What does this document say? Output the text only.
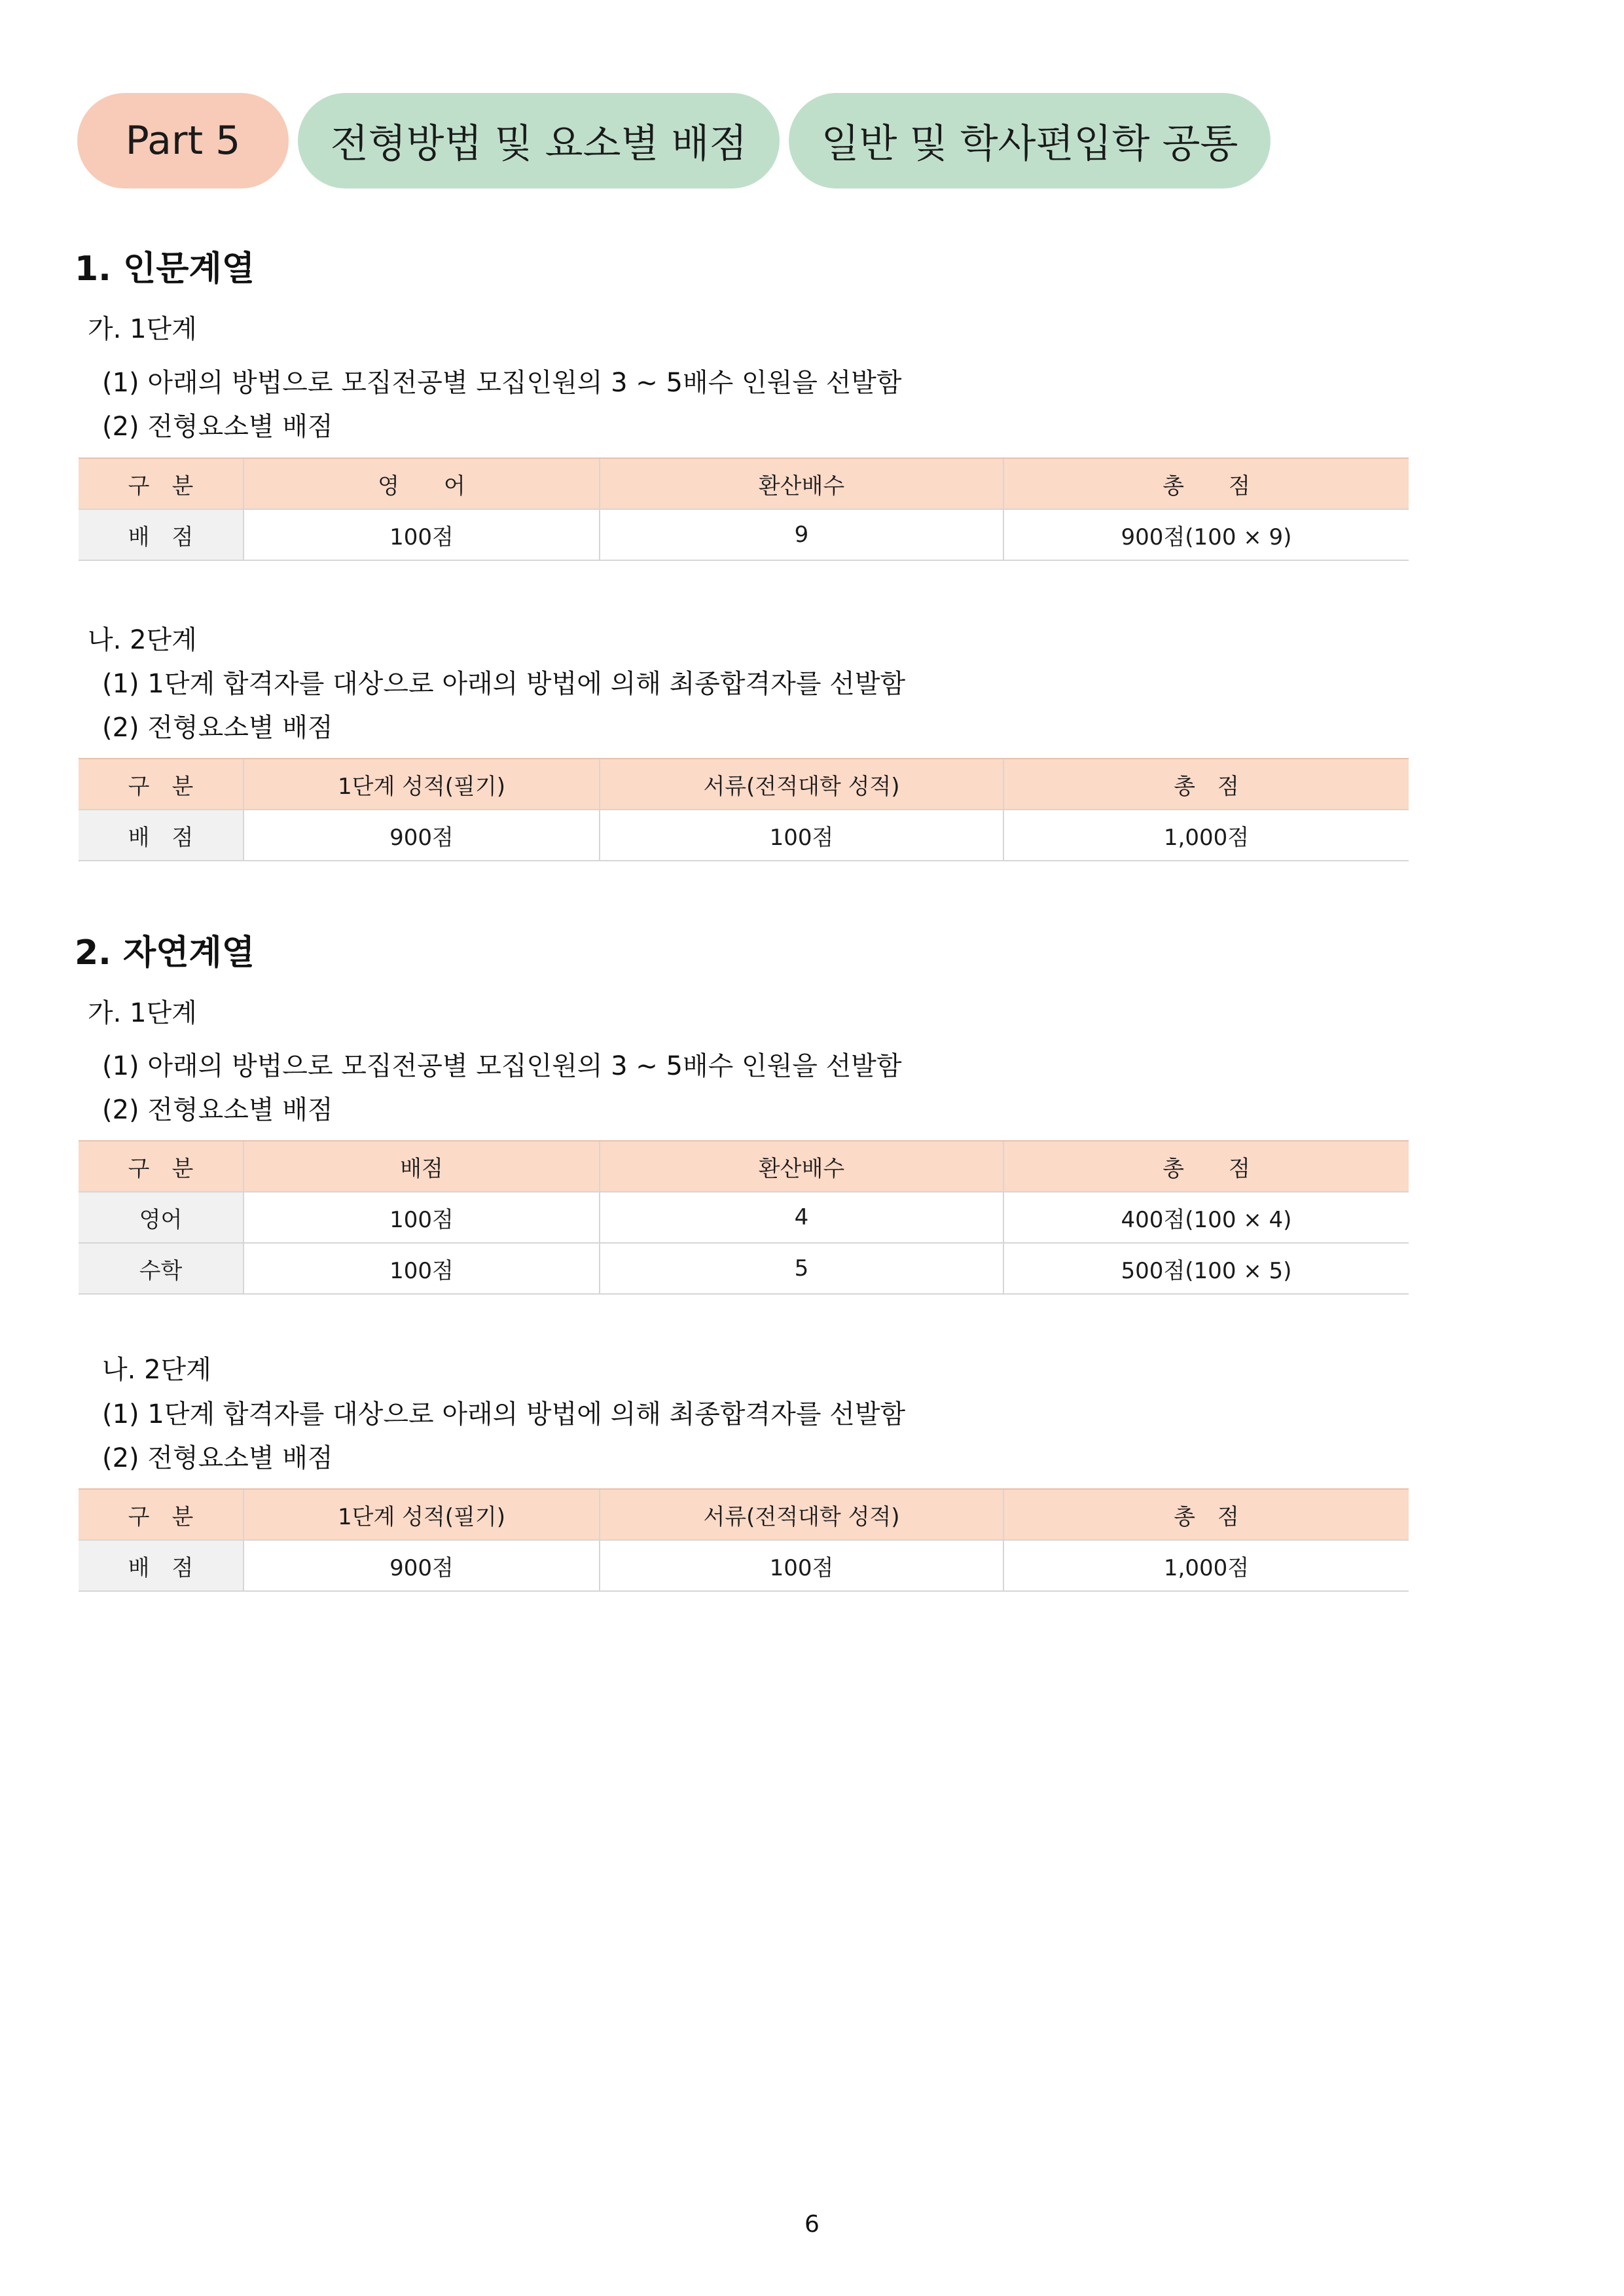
Part 5	전형방법 및 요소별 배점	일반 및 학사편입학 공통
1. 인문계열
가. 1단계
(1) 아래의 방법으로 모집전공별 모집인원의 3 ~ 5배수 인원을 선발함
(2) 전형요소별 배점
구　분	영　　어	환산배수	총　　점
배　점	100점	9	900점(100 × 9)
나. 2단계
(1) 1단계 합격자를 대상으로 아래의 방법에 의해 최종합격자를 선발함
(2) 전형요소별 배점
구　분	1단계 성적(필기)	서류(전적대학 성적)	총　점
배　점	900점	100점	1,000점
2. 자연계열
가. 1단계
(1) 아래의 방법으로 모집전공별 모집인원의 3 ~ 5배수 인원을 선발함
(2) 전형요소별 배점
구　분	배점	환산배수	총　　점
영어	100점	4	400점(100 × 4)
수학	100점	5	500점(100 × 5)
나. 2단계
(1) 1단계 합격자를 대상으로 아래의 방법에 의해 최종합격자를 선발함
(2) 전형요소별 배점
구　분	1단계 성적(필기)	서류(전적대학 성적)	총　점
배　점	900점	100점	1,000점
6
